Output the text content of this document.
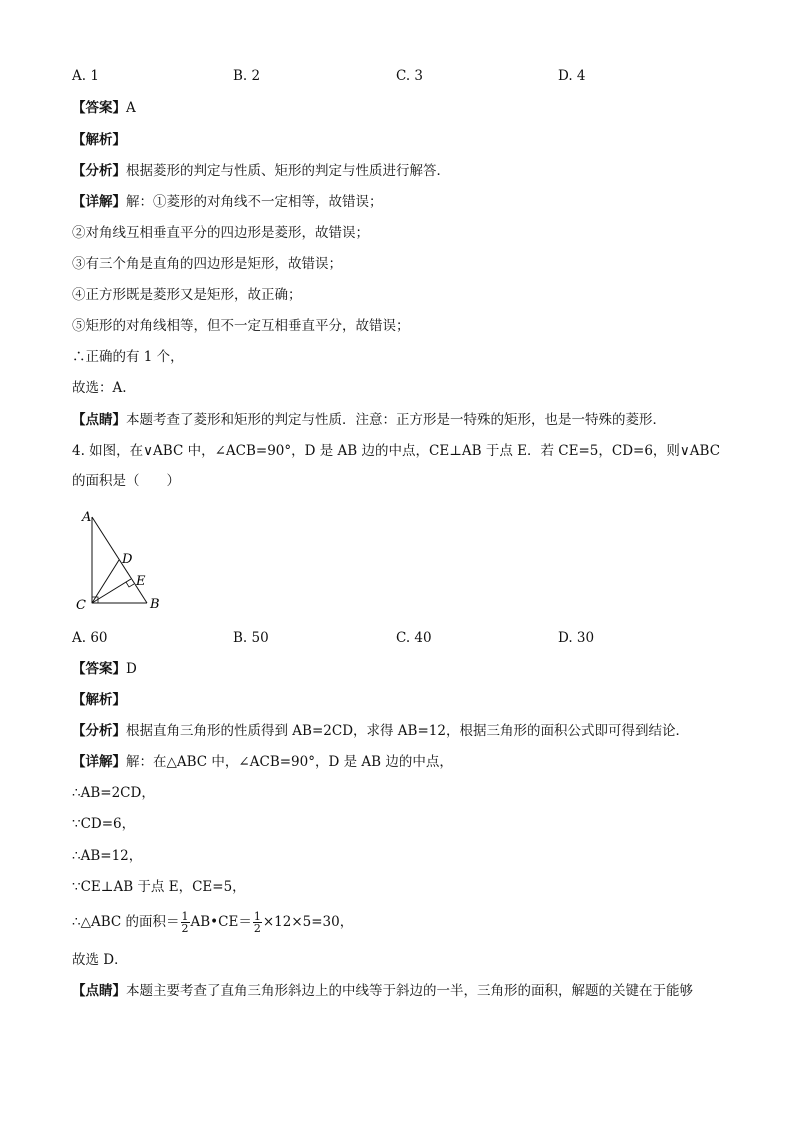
A. 1	B. 2	C. 3	D. 4
【答案】A
【解析】
【分析】根据菱形的判定与性质、矩形的判定与性质进行解答．
【详解】解：①菱形的对角线不一定相等，故错误；
②对角线互相垂直平分的四边形是菱形，故错误；
③有三个角是直角的四边形是矩形，故错误；
④正方形既是菱形又是矩形，故正确；
⑤矩形的对角线相等，但不一定互相垂直平分，故错误；
∴正确的有 1 个，
故选：A.
【点睛】本题考查了菱形和矩形的判定与性质．注意：正方形是一特殊的矩形，也是一特殊的菱形．
4. 如图，在∨ABC 中，∠ACB=90°，D 是 AB 边的中点，CE⊥AB 于点 E．若 CE=5，CD=6，则∨ABC
的面积是（　　）
A
B
C
D
E
A. 60	B. 50	C. 40	D. 30
【答案】D
【解析】
【分析】根据直角三角形的性质得到 AB=2CD，求得 AB=12，根据三角形的面积公式即可得到结论．
【详解】解：在△ABC 中，∠ACB=90°，D 是 AB 边的中点，
∴AB=2CD，
∵CD=6，
∴AB=12，
∵CE⊥AB 于点 E，CE=5，
∴△ABC 的面积＝ $\frac{1}{2}$ AB•CE＝ $\frac{1}{2} \times 12\times 5=30$，
故选 D．
【点睛】本题主要考查了直角三角形斜边上的中线等于斜边的一半，三角形的面积，解题的关键在于能够
